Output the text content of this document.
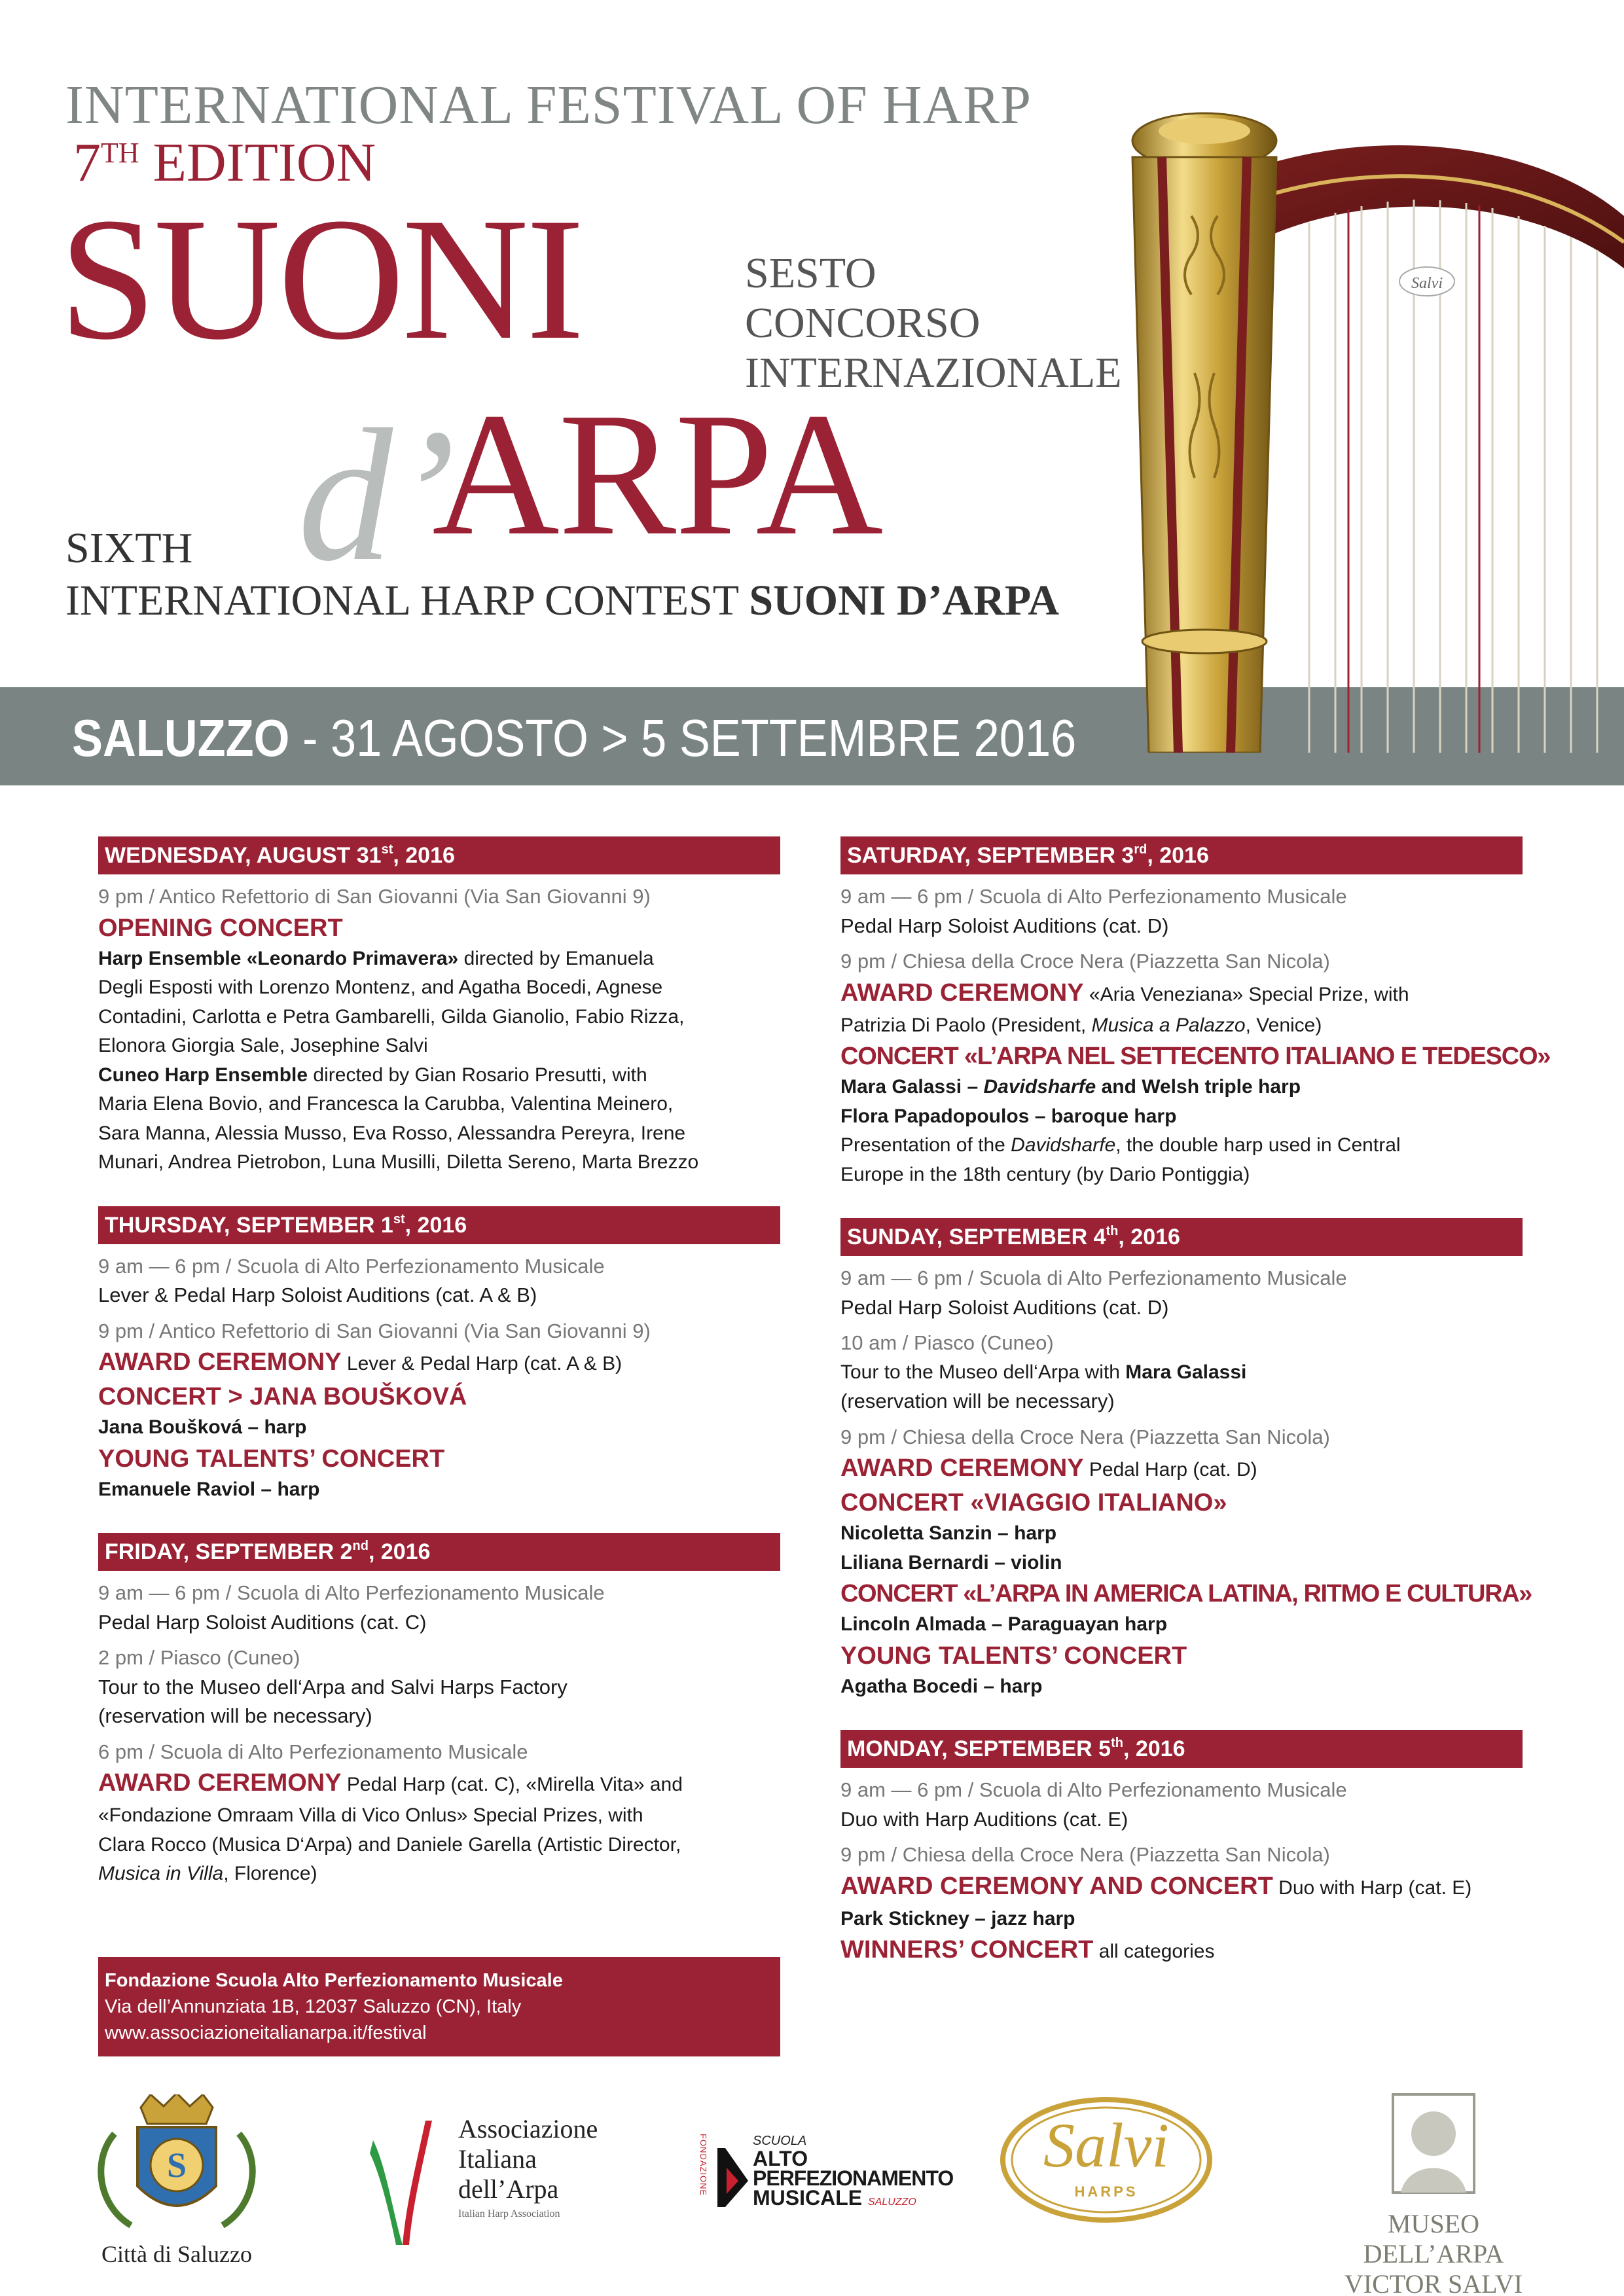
INTERNATIONAL FESTIVAL OF HARP
7TH EDITION
SUONI	SESTO
CONCORSO
INTERNAZIONALE
d’
ARPA
SIXTH
INTERNATIONAL HARP CONTEST SUONI D’ARPA
Salvi
SALUZZO - 31 AGOSTO > 5 SETTEMBRE 2016
WEDNESDAY, AUGUST 31st, 2016
9 pm / Antico Refettorio di San Giovanni (Via San Giovanni 9)
OPENING CONCERT
Harp Ensemble «Leonardo Primavera» directed by Emanuela
Degli Esposti with Lorenzo Montenz, and Agatha Bocedi, Agnese
Contadini, Carlotta e Petra Gambarelli, Gilda Gianolio, Fabio Rizza,
Elonora Giorgia Sale, Josephine Salvi
Cuneo Harp Ensemble directed by Gian Rosario Presutti, with
Maria Elena Bovio, and Francesca la Carubba, Valentina Meinero,
Sara Manna, Alessia Musso, Eva Rosso, Alessandra Pereyra, Irene
Munari, Andrea Pietrobon, Luna Musilli, Diletta Sereno, Marta Brezzo
THURSDAY, SEPTEMBER 1st, 2016
9 am — 6 pm / Scuola di Alto Perfezionamento Musicale
Lever & Pedal Harp Soloist Auditions (cat. A & B)
9 pm / Antico Refettorio di San Giovanni (Via San Giovanni 9)
AWARD CEREMONY Lever & Pedal Harp (cat. A & B)
CONCERT > JANA BOUŠKOVÁ
Jana Boušková – harp
YOUNG TALENTS’ CONCERT
Emanuele Raviol – harp
FRIDAY, SEPTEMBER 2nd, 2016
9 am — 6 pm / Scuola di Alto Perfezionamento Musicale
Pedal Harp Soloist Auditions (cat. C)
2 pm / Piasco (Cuneo)
Tour to the Museo dell‘Arpa and Salvi Harps Factory
(reservation will be necessary)
6 pm / Scuola di Alto Perfezionamento Musicale
AWARD CEREMONY Pedal Harp (cat. C), «Mirella Vita» and
«Fondazione Omraam Villa di Vico Onlus» Special Prizes, with
Clara Rocco (Musica D‘Arpa) and Daniele Garella (Artistic Director,
Musica in Villa, Florence)
Fondazione Scuola Alto Perfezionamento Musicale
Via dell’Annunziata 1B, 12037 Saluzzo (CN), Italy
www.associazioneitalianarpa.it/festival
SATURDAY, SEPTEMBER 3rd, 2016
9 am — 6 pm / Scuola di Alto Perfezionamento Musicale
Pedal Harp Soloist Auditions (cat. D)
9 pm / Chiesa della Croce Nera (Piazzetta San Nicola)
AWARD CEREMONY «Aria Veneziana» Special Prize, with
Patrizia Di Paolo (President, Musica a Palazzo, Venice)
CONCERT «L’ARPA NEL SETTECENTO ITALIANO E TEDESCO»
Mara Galassi – Davidsharfe and Welsh triple harp
Flora Papadopoulos – baroque harp
Presentation of the Davidsharfe, the double harp used in Central
Europe in the 18th century (by Dario Pontiggia)
SUNDAY, SEPTEMBER 4th, 2016
9 am — 6 pm / Scuola di Alto Perfezionamento Musicale
Pedal Harp Soloist Auditions (cat. D)
10 am / Piasco (Cuneo)
Tour to the Museo dell‘Arpa with Mara Galassi
(reservation will be necessary)
9 pm / Chiesa della Croce Nera (Piazzetta San Nicola)
AWARD CEREMONY Pedal Harp (cat. D)
CONCERT «VIAGGIO ITALIANO»
Nicoletta Sanzin – harp
Liliana Bernardi – violin
CONCERT «L’ARPA IN AMERICA LATINA, RITMO E CULTURA»
Lincoln Almada – Paraguayan harp
YOUNG TALENTS’ CONCERT
Agatha Bocedi – harp
MONDAY, SEPTEMBER 5th, 2016
9 am — 6 pm / Scuola di Alto Perfezionamento Musicale
Duo with Harp Auditions (cat. E)
9 pm / Chiesa della Croce Nera (Piazzetta San Nicola)
AWARD CEREMONY AND CONCERT Duo with Harp (cat. E)
Park Stickney – jazz harp
WINNERS’ CONCERT all categories
S
Città di Saluzzo
Associazione
Italiana
dell’Arpa
Italian Harp Association
FONDAZIONE	SCUOLA
ALTO
PERFEZIONAMENTO
MUSICALE SALUZZO
Salvi
HARPS
MUSEO DELL’ARPA
VICTOR SALVI
